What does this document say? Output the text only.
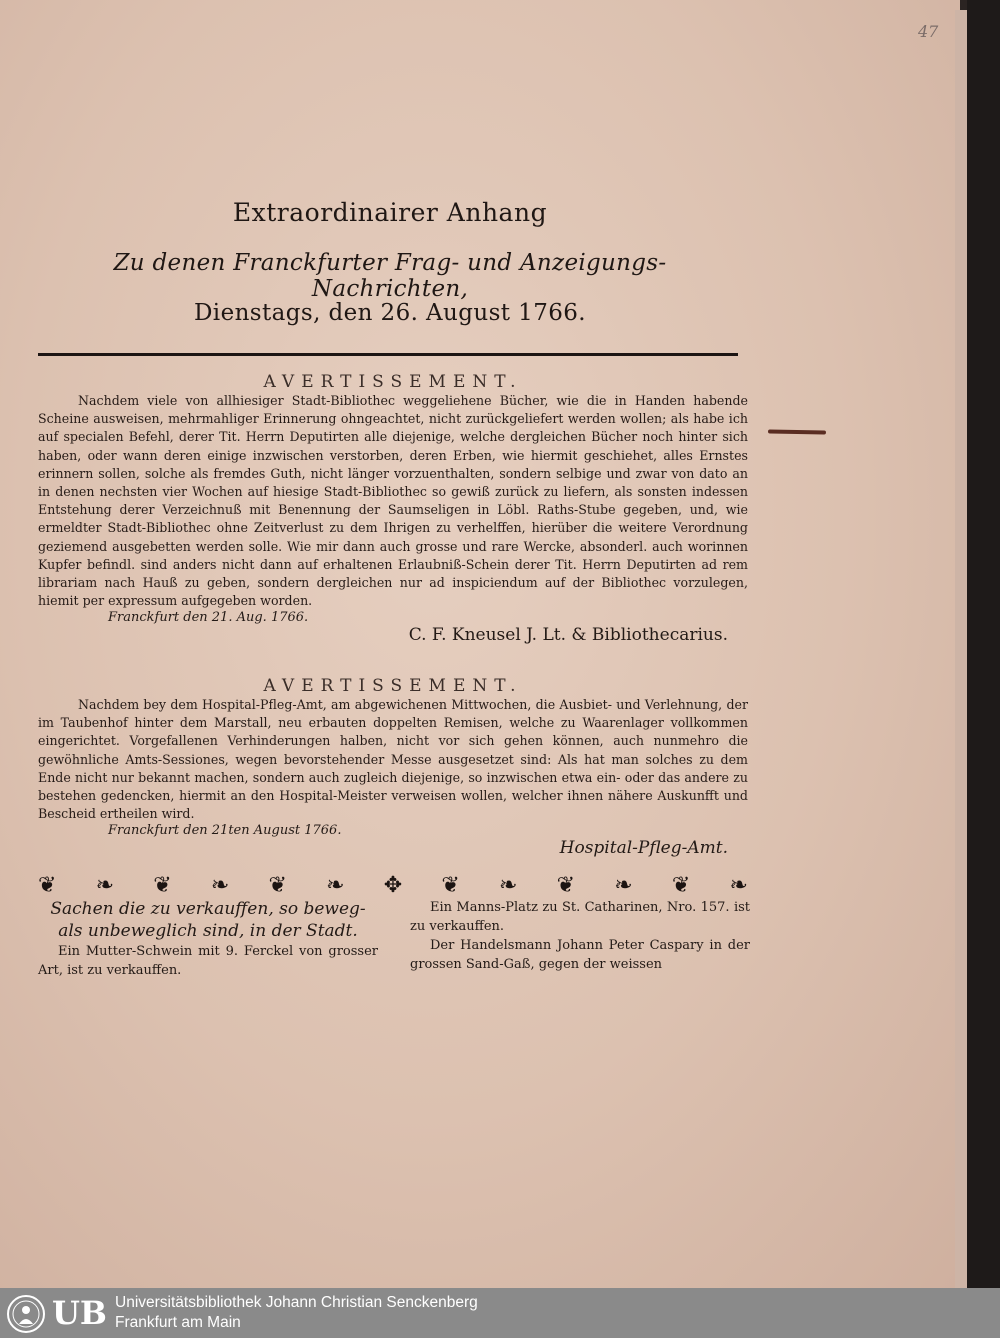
47
Extraordinairer Anhang
Zu denen Franckfurter Frag- und Anzeigungs-Nachrichten,
Dienstags, den 26. August 1766.
AVERTISSEMENT.

Nachdem viele von allhiesiger Stadt-Bibliothec weggeliehene Bücher, wie die in Handen habende Scheine ausweisen, mehrmahliger Erinnerung ohngeachtet, nicht zurückgeliefert werden wollen; als habe ich auf specialen Befehl, derer Tit. Herrn Deputirten alle diejenige, welche dergleichen Bücher noch hinter sich haben, oder wann deren einige inzwischen verstorben, deren Erben, wie hiermit geschiehet, alles Ernstes erinnern sollen, solche als fremdes Guth, nicht länger vorzuenthalten, sondern selbige und zwar von dato an in denen nechsten vier Wochen auf hiesige Stadt-Bibliothec so gewiß zurück zu liefern, als sonsten indessen Entstehung derer Verzeichnuß mit Benennung der Saumseligen in Löbl. Raths-Stube gegeben, und, wie ermeldter Stadt-Bibliothec ohne Zeitverlust zu dem Ihrigen zu verhelffen, hierüber die weitere Verordnung geziemend ausgebetten werden solle. Wie mir dann auch grosse und rare Wercke, absonderl. auch worinnen Kupfer befindl. sind anders nicht dann auf erhaltenen Erlaubniß-Schein derer Tit. Herrn Deputirten ad rem librariam nach Hauß zu geben, sondern dergleichen nur ad inspiciendum auf der Bibliothec vorzulegen, hiemit per expressum aufgegeben worden.

Franckfurt den 21. Aug. 1766.
C. F. Kneusel J. Lt. & Bibliothecarius.
AVERTISSEMENT.

Nachdem bey dem Hospital-Pfleg-Amt, am abgewichenen Mittwochen, die Ausbiet- und Verlehnung, der im Taubenhof hinter dem Marstall, neu erbauten doppelten Remisen, welche zu Waarenlager vollkommen eingerichtet. Vorgefallenen Verhinderungen halben, nicht vor sich gehen können, auch nunmehro die gewöhnliche Amts-Sessiones, wegen bevorstehender Messe ausgesetzet sind: Als hat man solches zu dem Ende nicht nur bekannt machen, sondern auch zugleich diejenige, so inzwischen etwa ein- oder das andere zu bestehen gedencken, hiermit an den Hospital-Meister verweisen wollen, welcher ihnen nähere Auskunfft und Bescheid ertheilen wird.

Franckfurt den 21ten August 1766.
Hospital-Pfleg-Amt.
❦ ❧ ❦ ❧ ❦ ❧ ✥ ❦ ❧ ❦ ❧ ❦ ❧
Sachen die zu verkauffen, so beweg- als unbeweglich sind, in der Stadt.

Ein Mutter-Schwein mit 9. Ferckel von grosser Art, ist zu verkauffen.

Ein Manns-Platz zu St. Catharinen, Nro. 157. ist zu verkauffen.

Der Handelsmann Johann Peter Caspary in der grossen Sand-Gaß, gegen der weissen

UB Universitätsbibliothek Johann Christian Senckenberg
Frankfurt am Main
